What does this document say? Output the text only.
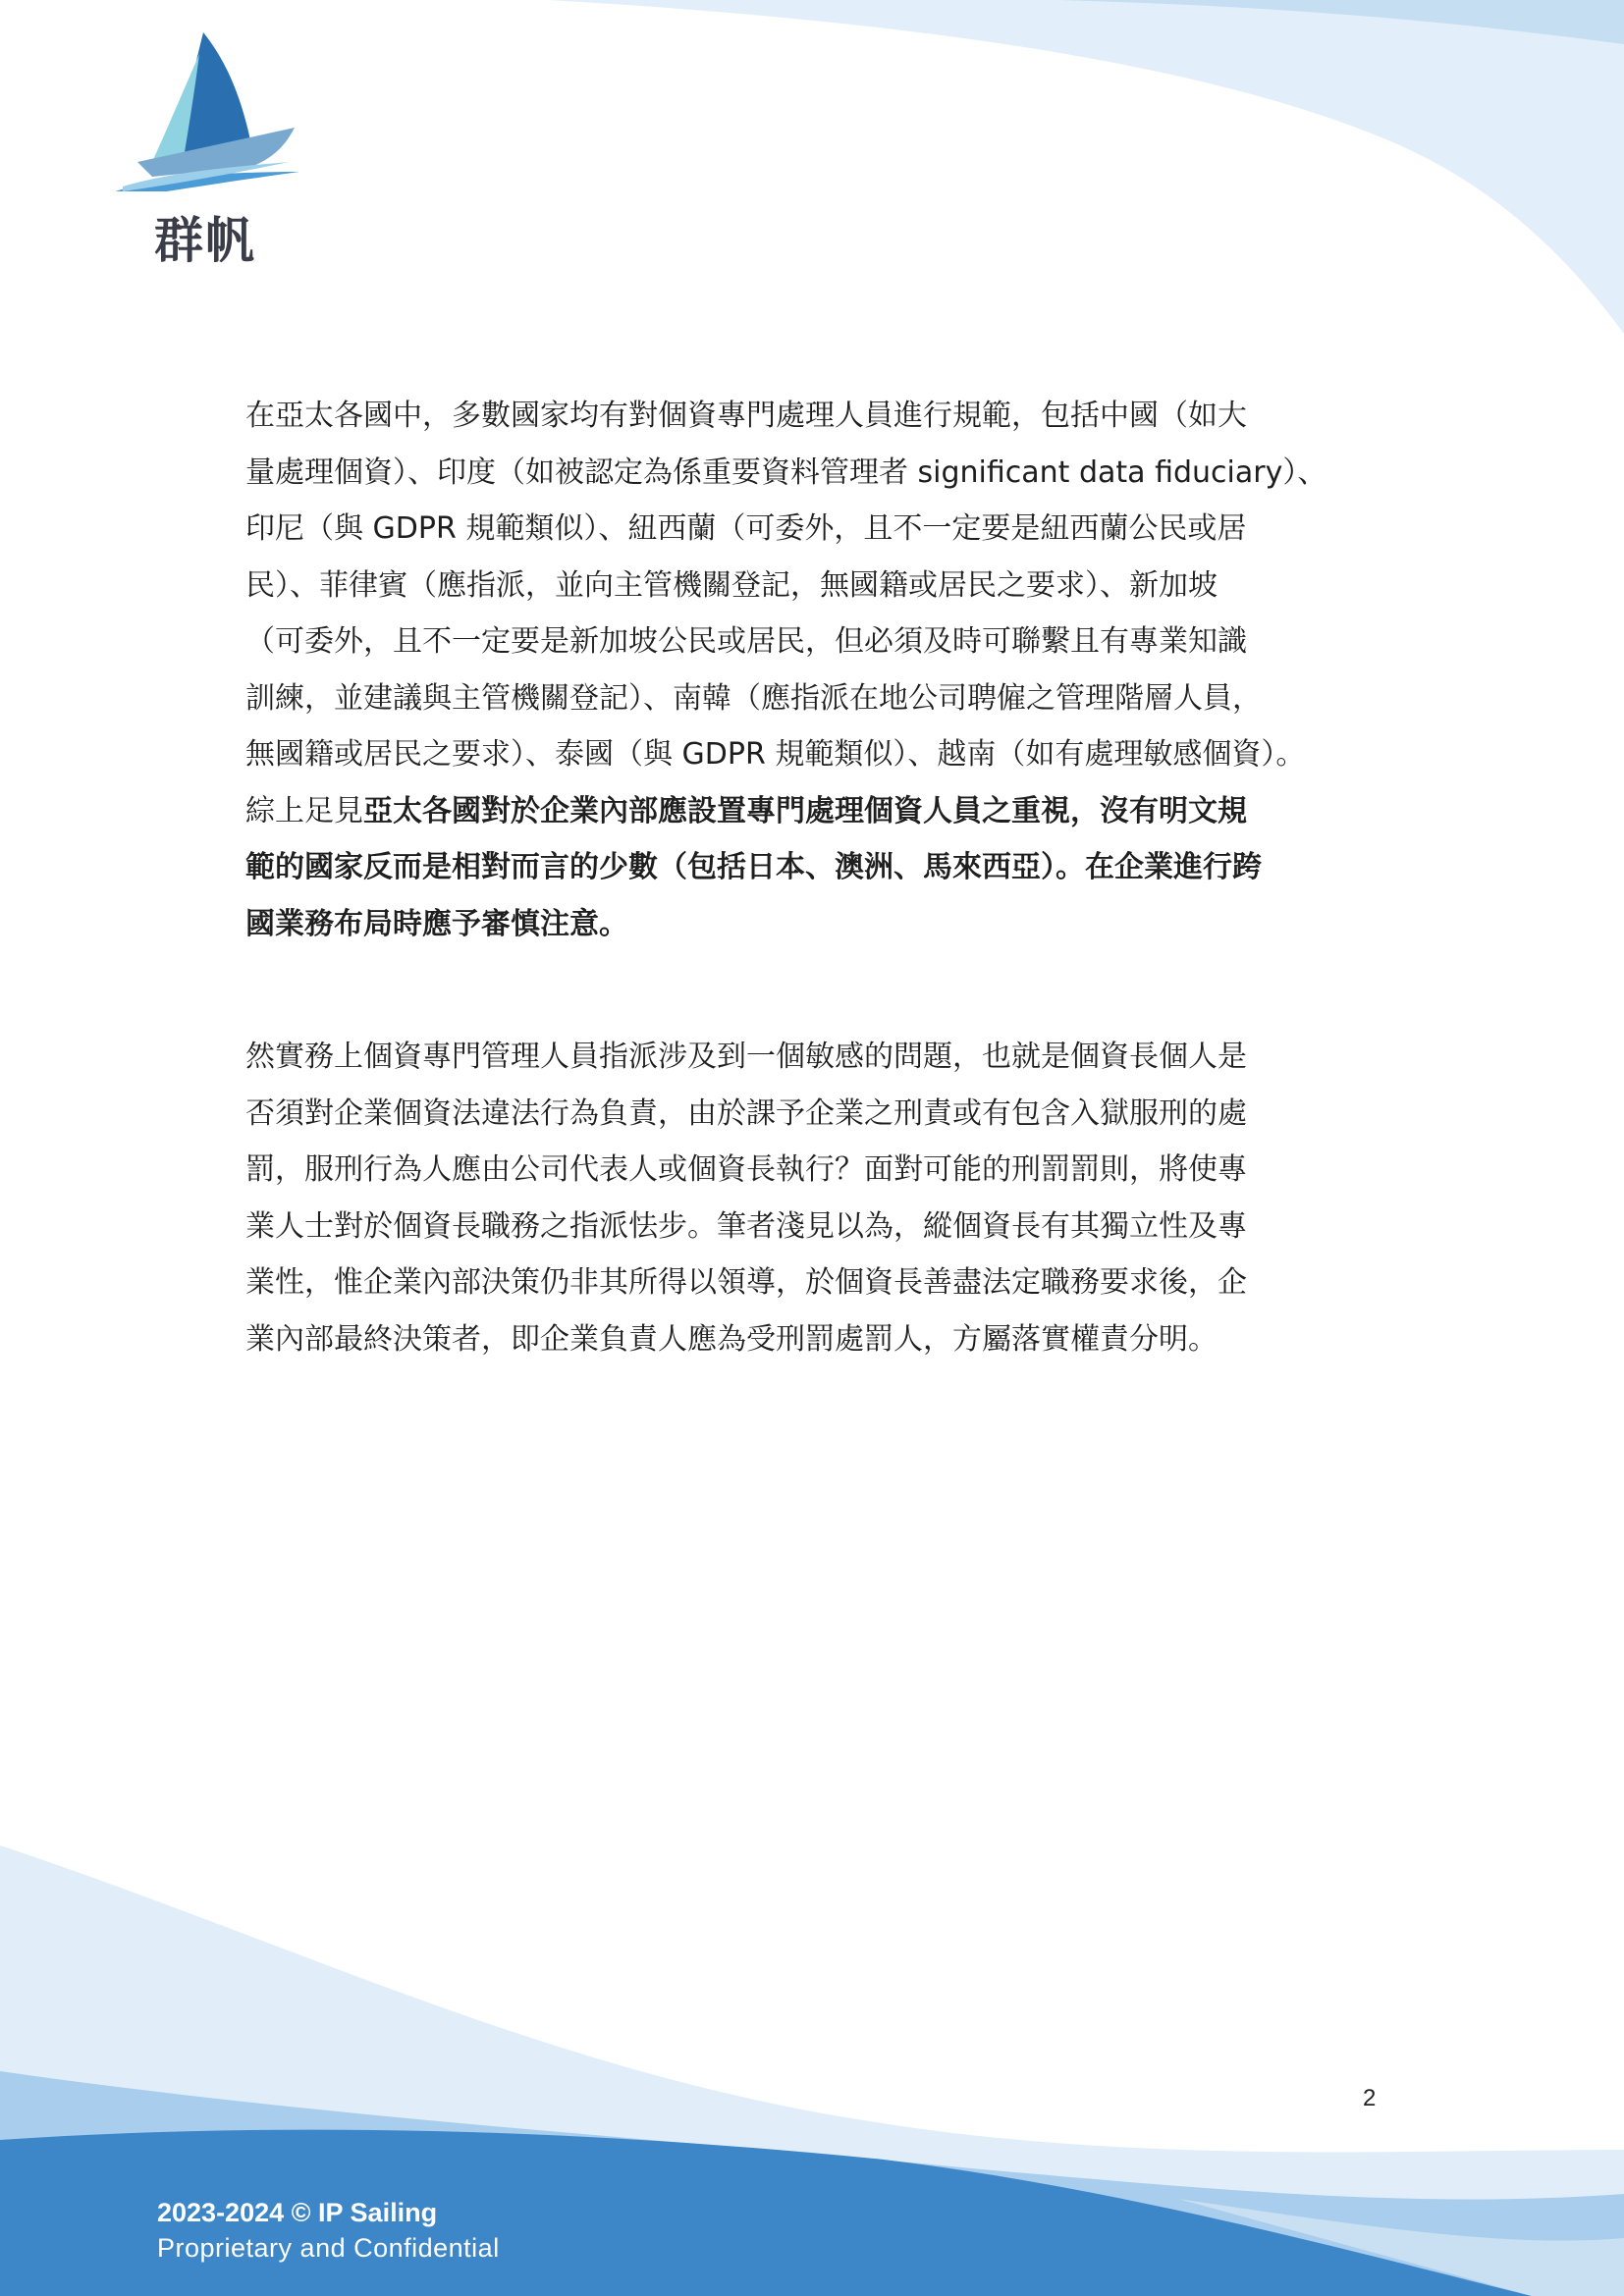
群帆

在亞太各國中，多數國家均有對個資專門處理人員進行規範，包括中國（如大
量處理個資）、印度（如被認定為係重要資料管理者 significant data fiduciary）、
印尼（與 GDPR 規範類似）、紐西蘭（可委外，且不一定要是紐西蘭公民或居
民）、菲律賓（應指派，並向主管機關登記，無國籍或居民之要求）、新加坡
（可委外，且不一定要是新加坡公民或居民，但必須及時可聯繫且有專業知識
訓練，並建議與主管機關登記）、南韓（應指派在地公司聘僱之管理階層人員，
無國籍或居民之要求）、泰國（與 GDPR 規範類似）、越南（如有處理敏感個資）。
綜上足見亞太各國對於企業內部應設置專門處理個資人員之重視，沒有明文規
範的國家反而是相對而言的少數（包括日本、澳洲、馬來西亞）。在企業進行跨
國業務布局時應予審慎注意。

然實務上個資專門管理人員指派涉及到一個敏感的問題，也就是個資長個人是
否須對企業個資法違法行為負責，由於課予企業之刑責或有包含入獄服刑的處
罰，服刑行為人應由公司代表人或個資長執行？面對可能的刑罰罰則，將使專
業人士對於個資長職務之指派怯步。筆者淺見以為，縱個資長有其獨立性及專
業性，惟企業內部決策仍非其所得以領導，於個資長善盡法定職務要求後，企
業內部最終決策者，即企業負責人應為受刑罰處罰人，方屬落實權責分明。

2
2023-2024 © IP Sailing
Proprietary and Confidential
